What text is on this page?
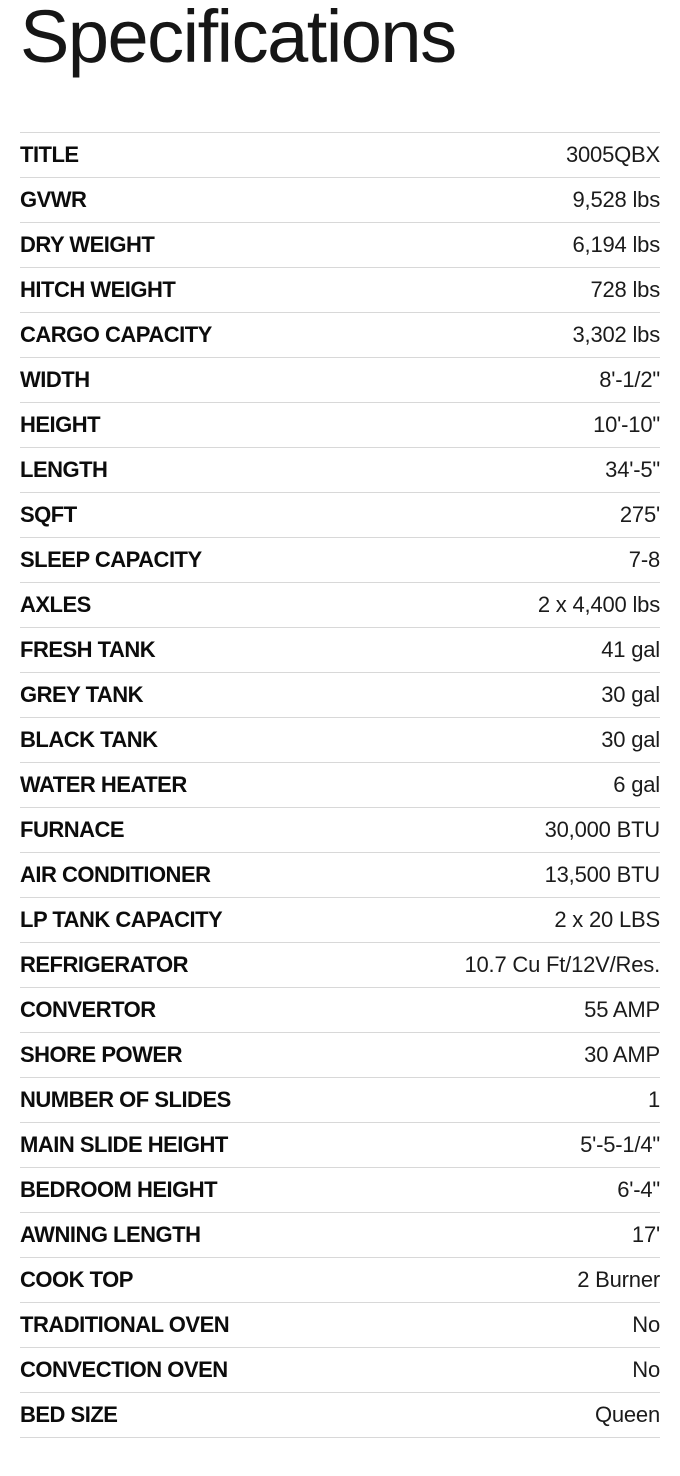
Specifications
TITLE	3005QBX
GVWR	9,528 lbs
DRY WEIGHT	6,194 lbs
HITCH WEIGHT	728 lbs
CARGO CAPACITY	3,302 lbs
WIDTH	8'-1/2"
HEIGHT	10'-10"
LENGTH	34'-5"
SQFT	275'
SLEEP CAPACITY	7-8
AXLES	2 x 4,400 lbs
FRESH TANK	41 gal
GREY TANK	30 gal
BLACK TANK	30 gal
WATER HEATER	6 gal
FURNACE	30,000 BTU
AIR CONDITIONER	13,500 BTU
LP TANK CAPACITY	2 x 20 LBS
REFRIGERATOR	10.7 Cu Ft/12V/Res.
CONVERTOR	55 AMP
SHORE POWER	30 AMP
NUMBER OF SLIDES	1
MAIN SLIDE HEIGHT	5'-5-1/4"
BEDROOM HEIGHT	6'-4"
AWNING LENGTH	17'
COOK TOP	2 Burner
TRADITIONAL OVEN	No
CONVECTION OVEN	No
BED SIZE	Queen
